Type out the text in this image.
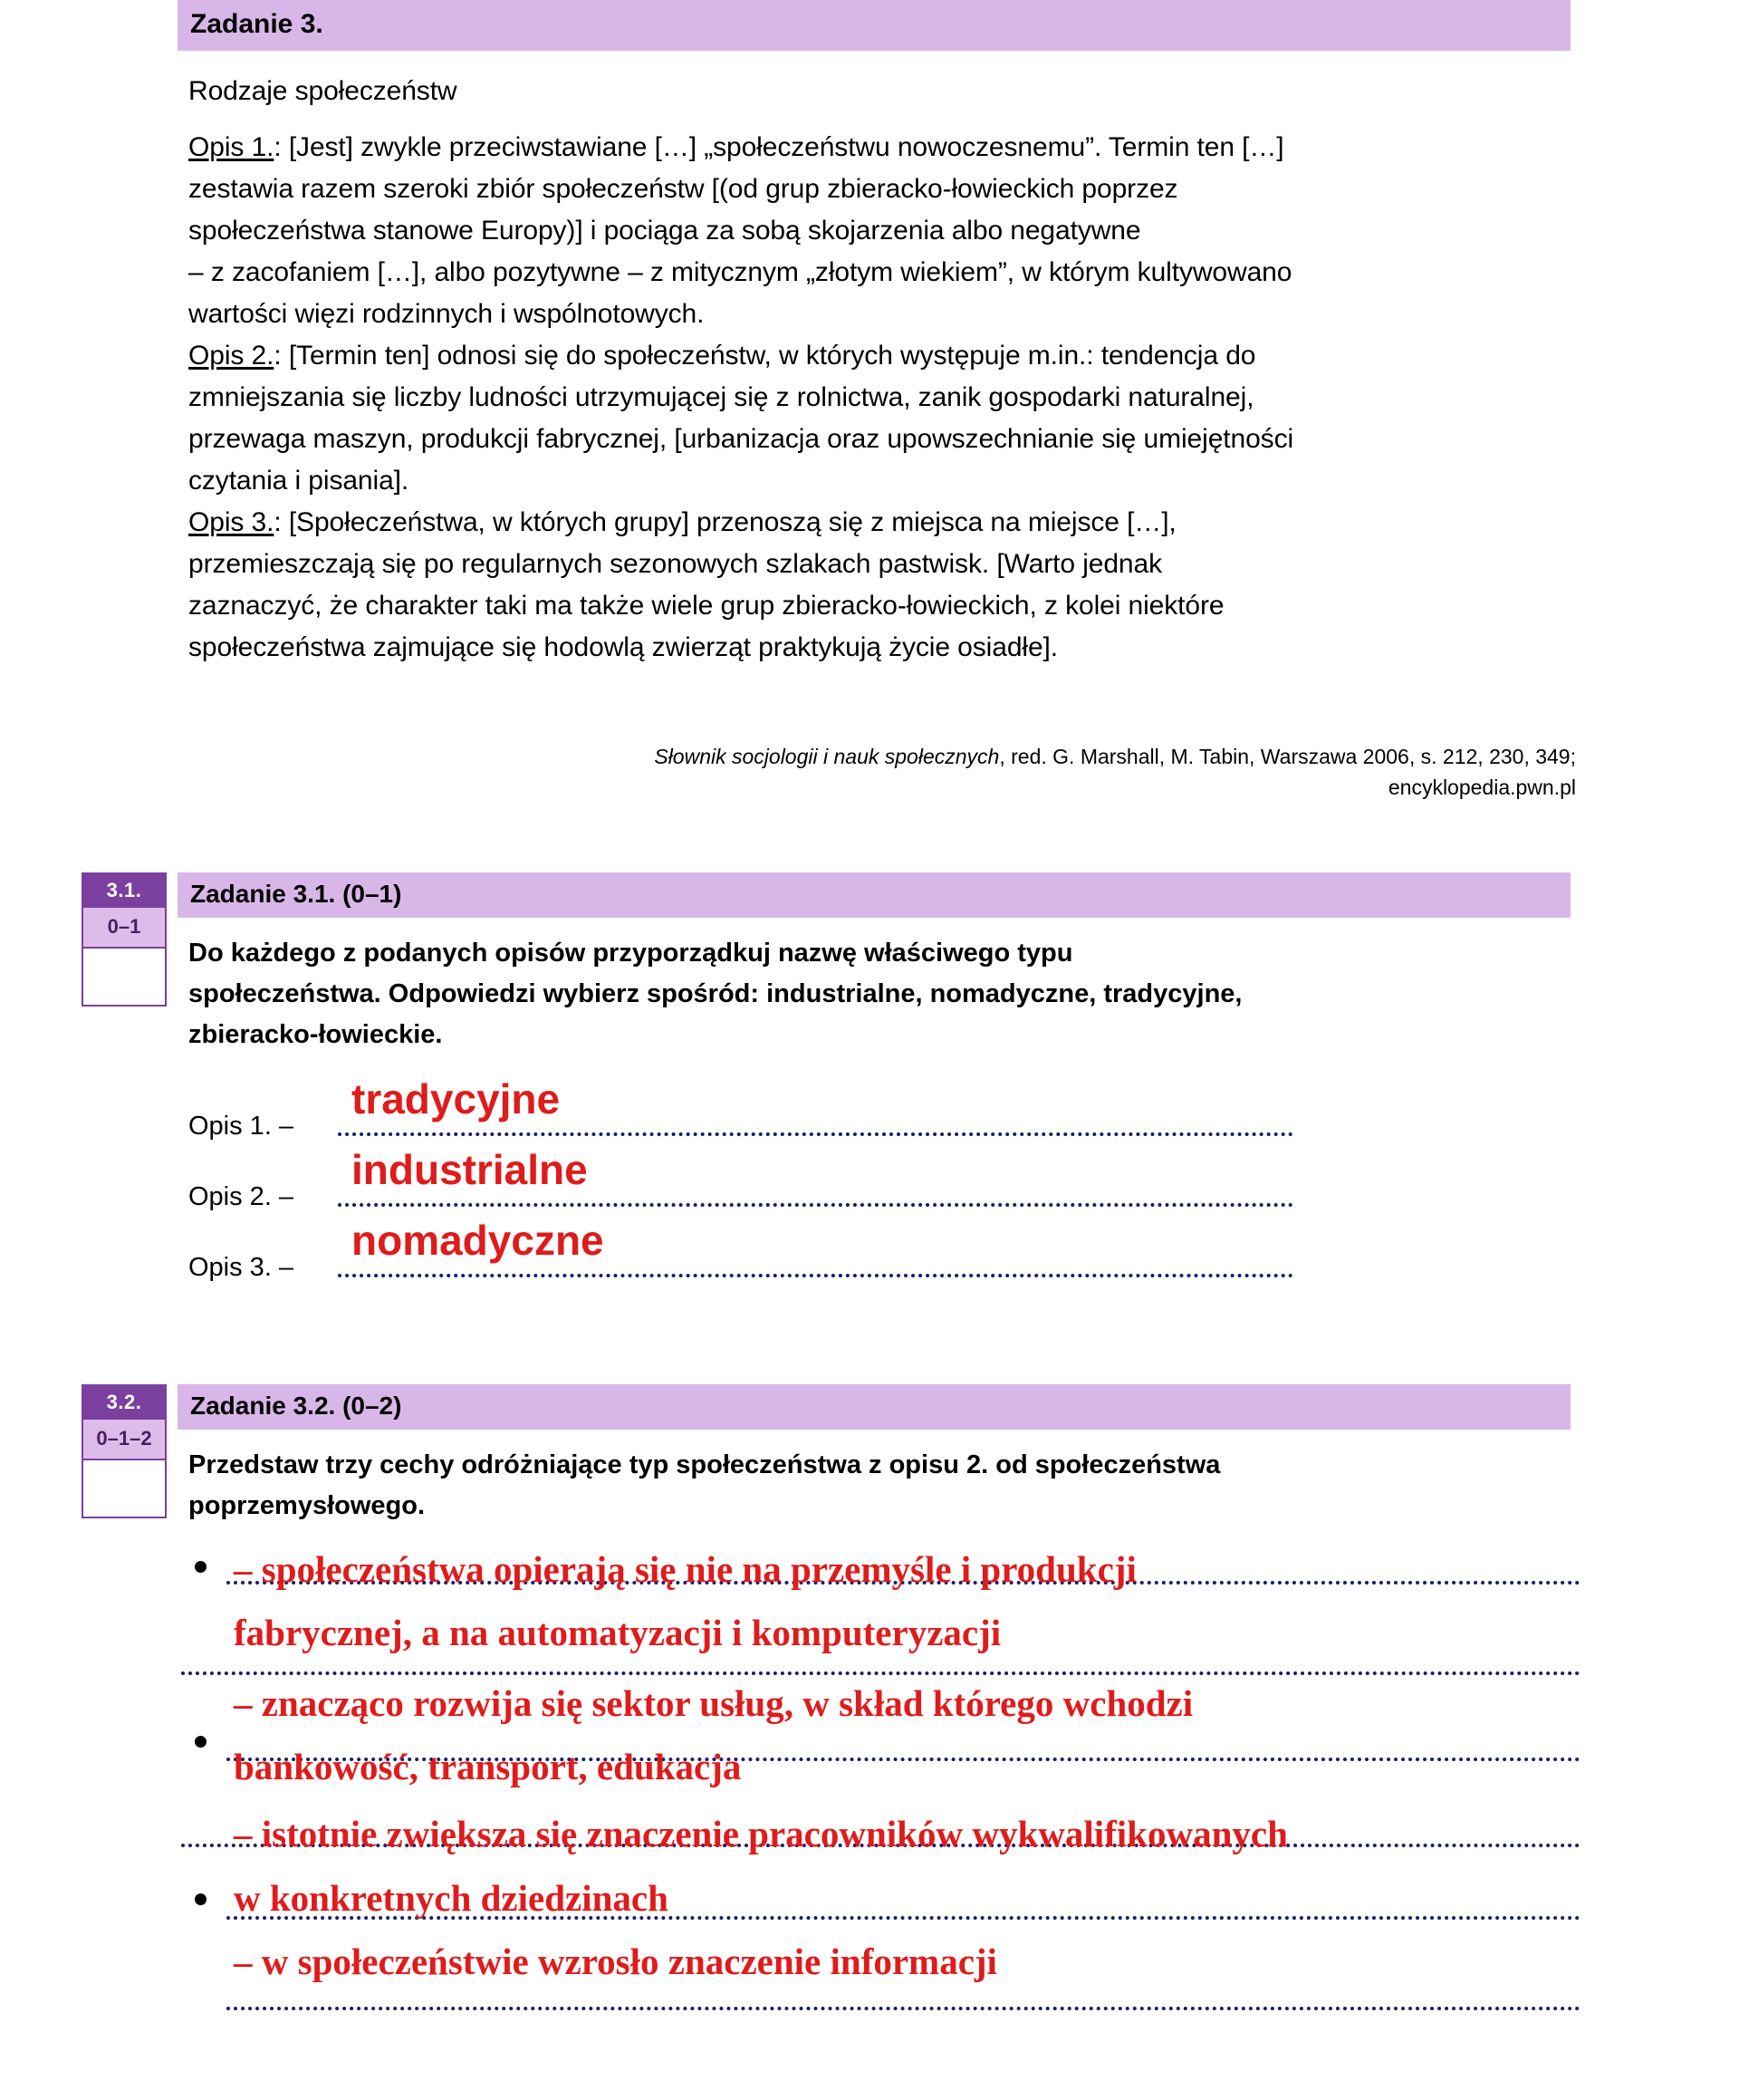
Zadanie 3.
Rodzaje społeczeństw
Opis 1.: [Jest] zwykle przeciwstawiane […] „społeczeństwu nowoczesnemu”. Termin ten […]
zestawia razem szeroki zbiór społeczeństw [(od grup zbieracko-łowieckich poprzez
społeczeństwa stanowe Europy)] i pociąga za sobą skojarzenia albo negatywne
– z zacofaniem […], albo pozytywne – z mitycznym „złotym wiekiem”, w którym kultywowano
wartości więzi rodzinnych i wspólnotowych.
Opis 2.: [Termin ten] odnosi się do społeczeństw, w których występuje m.in.: tendencja do
zmniejszania się liczby ludności utrzymującej się z rolnictwa, zanik gospodarki naturalnej,
przewaga maszyn, produkcji fabrycznej, [urbanizacja oraz upowszechnianie się umiejętności
czytania i pisania].
Opis 3.: [Społeczeństwa, w których grupy] przenoszą się z miejsca na miejsce […],
przemieszczają się po regularnych sezonowych szlakach pastwisk. [Warto jednak
zaznaczyć, że charakter taki ma także wiele grup zbieracko-łowieckich, z kolei niektóre
społeczeństwa zajmujące się hodowlą zwierząt praktykują życie osiadłe].
Słownik socjologii i nauk społecznych, red. G. Marshall, M. Tabin, Warszawa 2006, s. 212, 230, 349;
encyklopedia.pwn.pl
3.1.
0–1
Zadanie 3.1. (0–1)
Do każdego z podanych opisów przyporządkuj nazwę właściwego typu
społeczeństwa. Odpowiedzi wybierz spośród: industrialne, nomadyczne, tradycyjne,
zbieracko-łowieckie.
Opis 1. –
tradycyjne
Opis 2. –
industrialne
Opis 3. –
nomadyczne
3.2.
0–1–2
Zadanie 3.2. (0–2)
Przedstaw trzy cechy odróżniające typ społeczeństwa z opisu 2. od społeczeństwa
poprzemysłowego.
– społeczeństwa opierają się nie na przemyśle i produkcji
fabrycznej, a na automatyzacji i komputeryzacji
– znacząco rozwija się sektor usług, w skład którego wchodzi
bankowość, transport, edukacja
– istotnie zwiększa się znaczenie pracowników wykwalifikowanych
w konkretnych dziedzinach
– w społeczeństwie wzrosło znaczenie informacji
